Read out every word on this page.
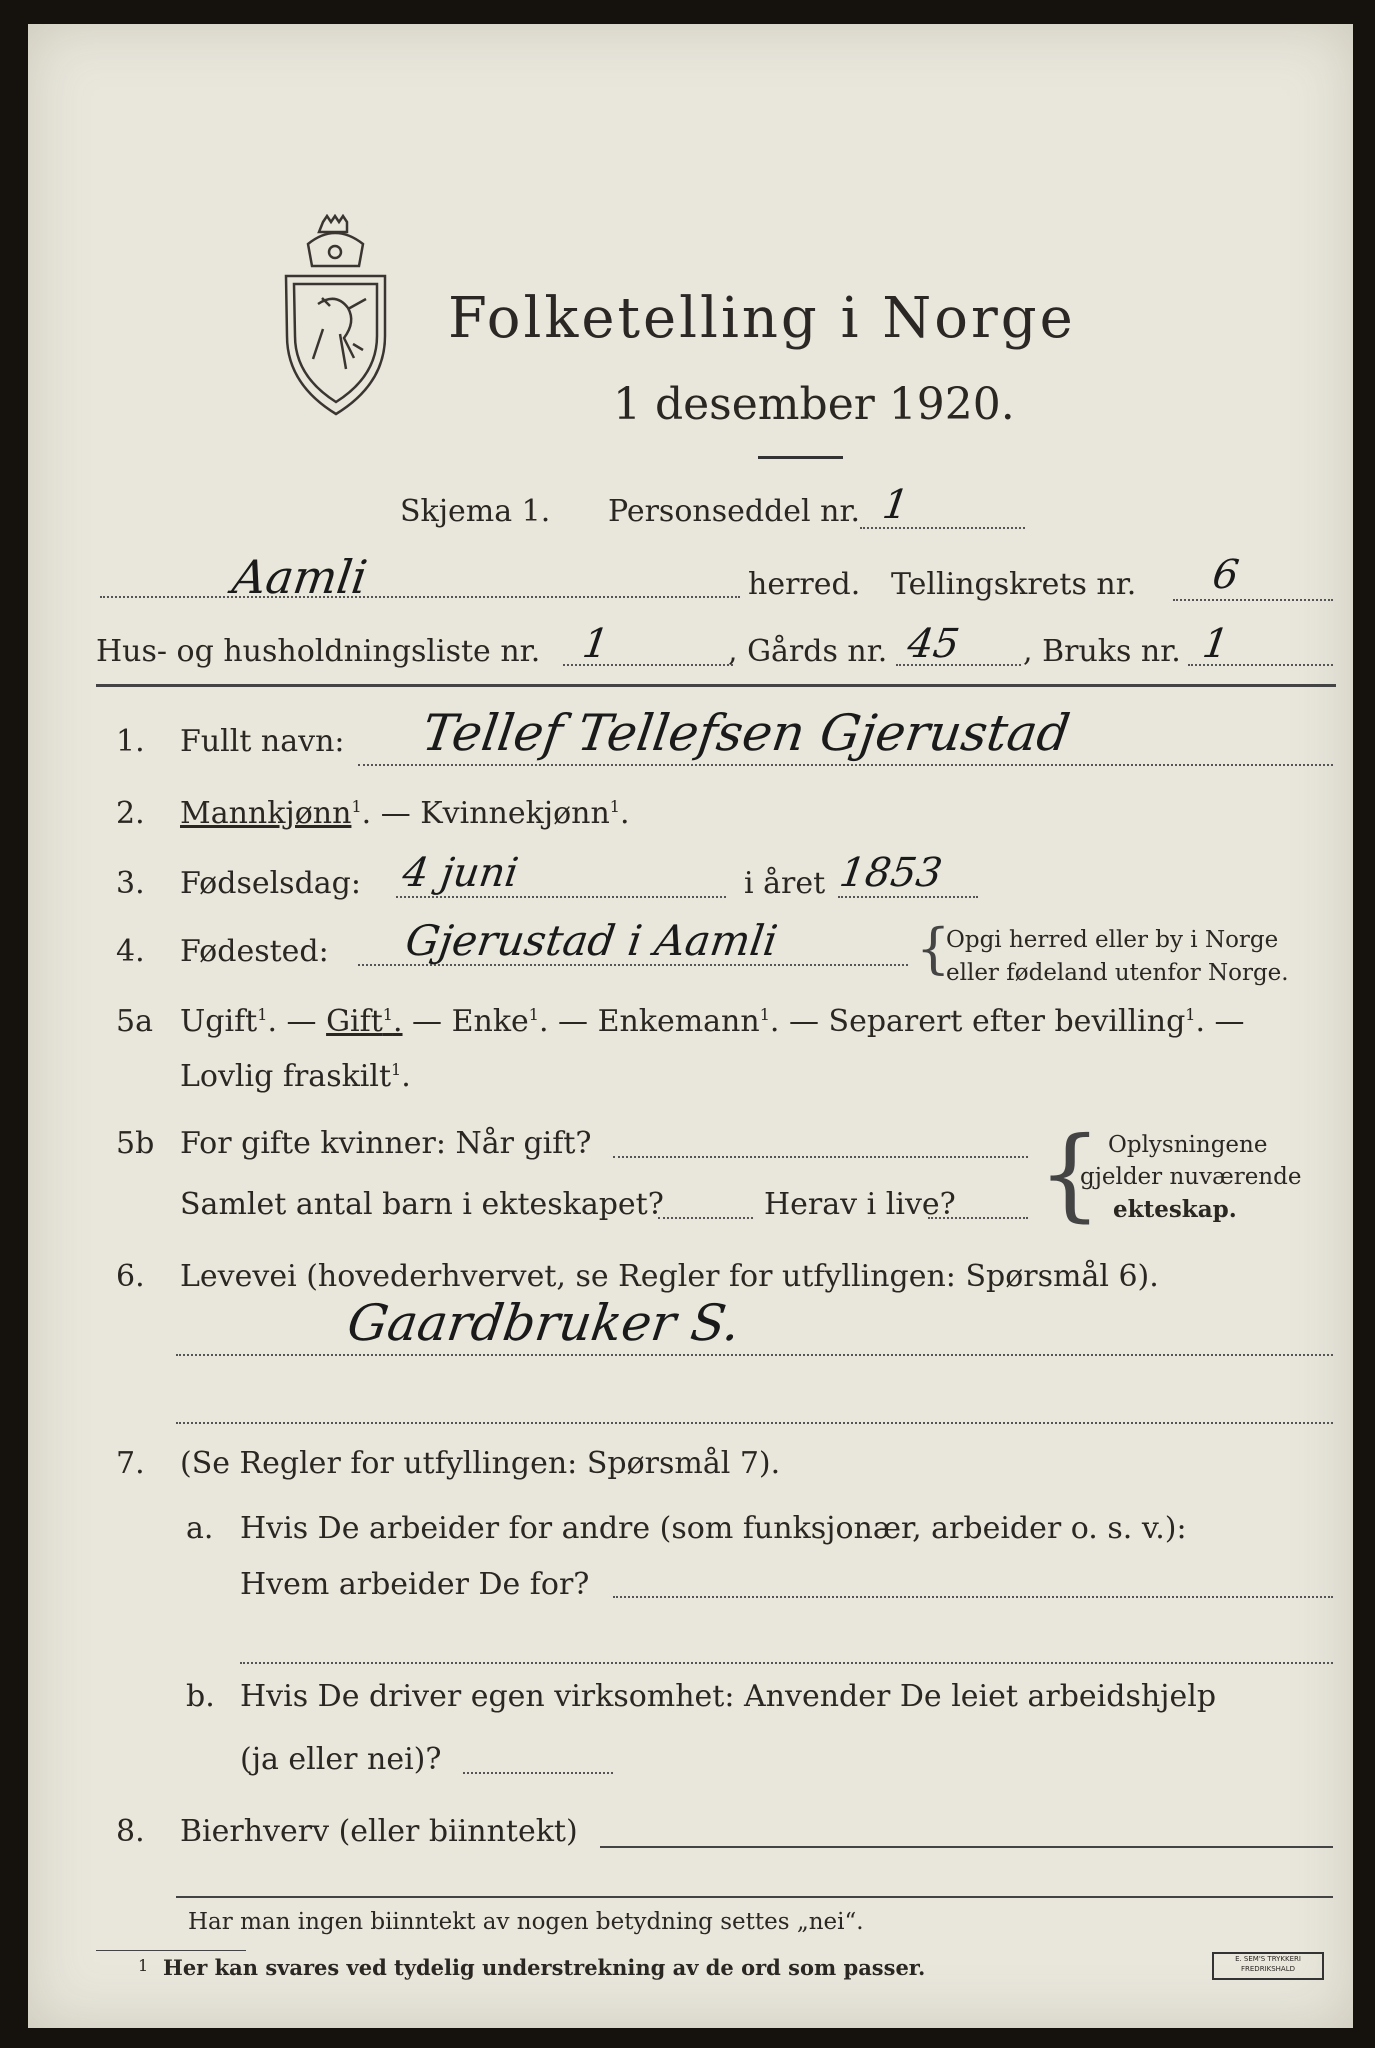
Folketelling i Norge
1 desember 1920.
Skjema 1. Personseddel nr. 1
Aamli	herred. Tellingskrets nr. 6
Hus- og husholdningsliste nr. 1	, Gårds nr. 45 , Bruks nr. 1
1. Fullt navn: Tellef Tellefsen Gjerustad
2. Mannkjønn$^1$. — Kvinnekjønn$^1$.
3. Fødselsdag: 4 juni	i året 1853
4. Fødested: Gjerustad i Aamli	{
Opgi herred eller by i Norge
eller fødeland utenfor Norge.
5a Ugift$^1$. — Gift$^1$. — Enke$^1$. — Enkemann$^1$. — Separert efter bevilling$^1$. —
Lovlig fraskilt$^1$.
5b For gifte kvinner: Når gift?
Samlet antal barn i ekteskapet?	Herav i live? { Oplysningene
gjelder nuværende
ekteskap.
6. Levevei (hovederhvervet, se Regler for utfyllingen: Spørsmål 6).
Gaardbruker S.
7. (Se Regler for utfyllingen: Spørsmål 7).
a. Hvis De arbeider for andre (som funksjonær, arbeider o. s. v.):
Hvem arbeider De for?
b. Hvis De driver egen virksomhet: Anvender De leiet arbeidshjelp
(ja eller nei)?
8. Bierhverv (eller biinntekt)
Har man ingen biinntekt av nogen betydning settes „nei“.
1 Her kan svares ved tydelig understrekning av de ord som passer.	E. SEM'S TRYKKERI
FREDRIKSHALD
